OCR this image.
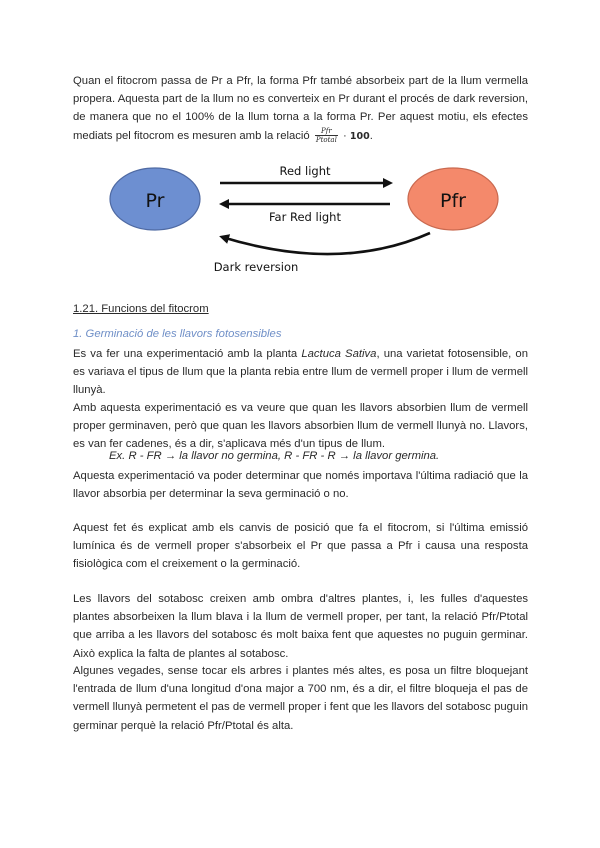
Quan el fitocrom passa de Pr a Pfr, la forma Pfr també absorbeix part de la llum vermella propera. Aquesta part de la llum no es converteix en Pr durant el procés de dark reversion, de manera que no el 100% de la llum torna a la forma Pr. Per aquest motiu, els efectes mediats pel fitocrom es mesuren amb la relació $\frac{\text{Pfr}}{\text{Ptotal}} \cdot 100$.

Pr	Pfr
Red light
Far Red light
Dark reversion

1.21. Funcions del fitocrom

1. Germinació de les llavors fotosensibles

Es va fer una experimentació amb la planta Lactuca Sativa, una varietat fotosensible, on es variava el tipus de llum que la planta rebia entre llum de vermell proper i llum de vermell llunyà.

Amb aquesta experimentació es va veure que quan les llavors absorbien llum de vermell proper germinaven, però que quan les llavors absorbien llum de vermell llunyà no. Llavors, es van fer cadenes, és a dir, s'aplicava més d'un tipus de llum.

Ex. R - FR → la llavor no germina, R - FR - R → la llavor germina.

Aquesta experimentació va poder determinar que només importava l'última radiació que la llavor absorbia per determinar la seva germinació o no.

Aquest fet és explicat amb els canvis de posició que fa el fitocrom, si l'última emissió lumínica és de vermell proper s'absorbeix el Pr que passa a Pfr i causa una resposta fisiològica com el creixement o la germinació.

Les llavors del sotabosc creixen amb ombra d'altres plantes, i, les fulles d'aquestes plantes absorbeixen la llum blava i la llum de vermell proper, per tant, la relació Pfr/Ptotal que arriba a les llavors del sotabosc és molt baixa fent que aquestes no puguin germinar. Això explica la falta de plantes al sotabosc.

Algunes vegades, sense tocar els arbres i plantes més altes, es posa un filtre bloquejant l'entrada de llum d'una longitud d'ona major a 700 nm, és a dir, el filtre bloqueja el pas de vermell llunyà permetent el pas de vermell proper i fent que les llavors del sotabosc puguin germinar perquè la relació Pfr/Ptotal és alta.
